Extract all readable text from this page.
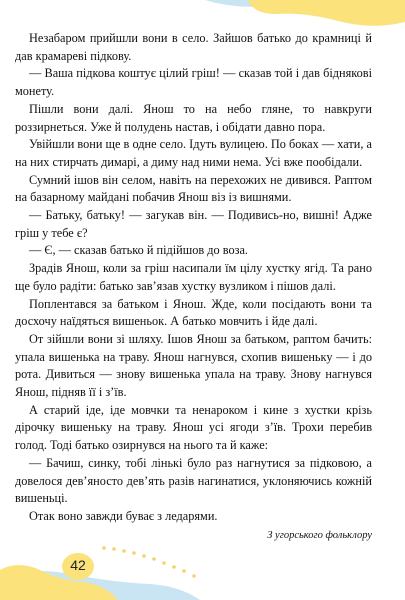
Незабаром прийшли вони в село. Зайшов батько до крамниці й дав крамареві підкову.

— Ваша підкова коштує цілий гріш! — сказав той і дав бідняковi монету.

Пішли вони далі. Янош то на небо гляне, то навкруги роззирнеться. Уже й полудень настав, і обідати давно пора.

Увійшли вони ще в одне село. Ідуть вулицею. По боках — хати, а на них стирчать димарі, а диму над ними нема. Усі вже пообідали.

Сумний ішов він селом, навіть на перехожих не дивився. Раптом на базарному майдані побачив Янош віз із вишнями.

— Батьку, батьку! — загукав він. — Подивись-но, вишні! Адже гріш у тебе є?

— Є, — сказав батько й підійшов до воза.

Зрадів Янош, коли за гріш насипали їм цілу хустку ягід. Та рано ще було радіти: батько зав’язав хустку вузликом і пішов далі.

Поплентався за батьком і Янош. Жде, коли посідають вони та досхочу наїдяться вишеньок. А батько мовчить і йде далі.

От зійшли вони зі шляху. Ішов Янош за батьком, раптом бачить: упала вишенька на траву. Янош нагнувся, схопив вишеньку — і до рота. Дивиться — знову вишенька упала на траву. Знову нагнувся Янош, підняв її і з’їв.

А старий іде, іде мовчки та ненароком і кине з хустки крізь дірочку вишеньку на траву. Янош усі ягоди з’їв. Трохи перебив голод. Тоді батько озирнувся на нього та й каже:

— Бачиш, синку, тобі лінькі було раз нагнутися за підковою, а довелося дев’яносто дев’ять разів нагинатися, уклоняючись кожній вишеньці.

Отак воно завжди буває з ледарями.

З угорського фольклору

42
